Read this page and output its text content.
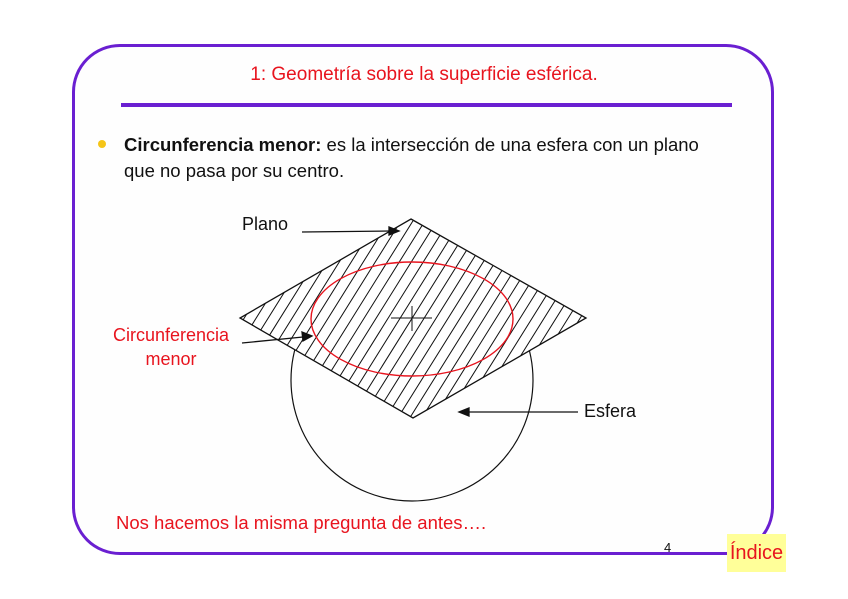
1: Geometría sobre la superficie esférica.
Circunferencia menor: es la intersección de una esfera con un plano
que no pasa por su centro.
Plano
Circunferencia
menor
Esfera
Nos hacemos la misma pregunta de antes….
4	Índice
